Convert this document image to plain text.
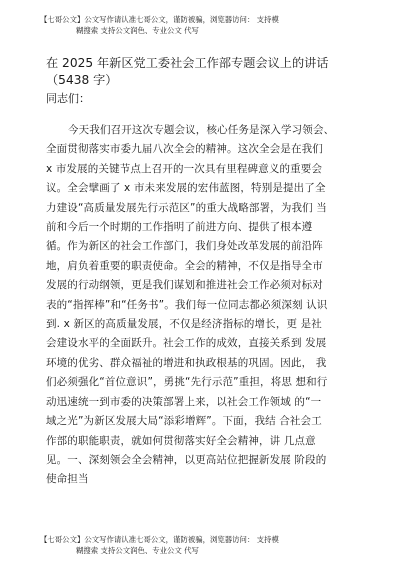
【七哥公文】公文写作请认准七哥公文，谨防被骗，浏览器访问： 支持模
糊搜索 支持公文润色、专业公文 代写
在 2025 年新区党工委社会工作部专题会议上的讲话
（5438 字）
同志们：

今天我们召开这次专题会议，核心任务是深入学习领会、

全面贯彻落实市委九届八次全会的精神。这次全会是在我们

x 市发展的关键节点上召开的一次具有里程碑意义的重要会

议。全会擘画了 x 市未来发展的宏伟蓝图，特别是提出了全

力建设“高质量发展先行示范区”的重大战略部署，为我们 当

前和今后一个时期的工作指明了前进方向、提供了根本遵

循。作为新区的社会工作部门，我们身处改革发展的前沿阵

地，肩负着重要的职责使命。全会的精神，不仅是指导全市

发展的行动纲领，更是我们谋划和推进社会工作必须对标对

表的“指挥棒”和“任务书”。我们每一位同志都必须深刻 认识

到. x 新区的高质量发展，不仅是经济指标的增长，更 是社

会建设水平的全面跃升。社会工作的成效，直接关系到 发展

环境的优劣、群众福祉的增进和执政根基的巩固。因此， 我

们必须强化“首位意识”，勇挑“先行示范”重担，将思 想和行

动迅速统一到市委的决策部署上来，以社会工作领域 的“一

域之光”为新区发展大局“添彩增辉”。下面，我结 合社会工

作部的职能职责，就如何贯彻落实好全会精神，讲 几点意

见。一、深刻领会全会精神，以更高站位把握新发展 阶段的

使命担当

【七哥公文】公文写作请认准七哥公文，谨防被骗，浏览器访问： 支持模
糊搜索 支持公文润色、专业公文 代写
